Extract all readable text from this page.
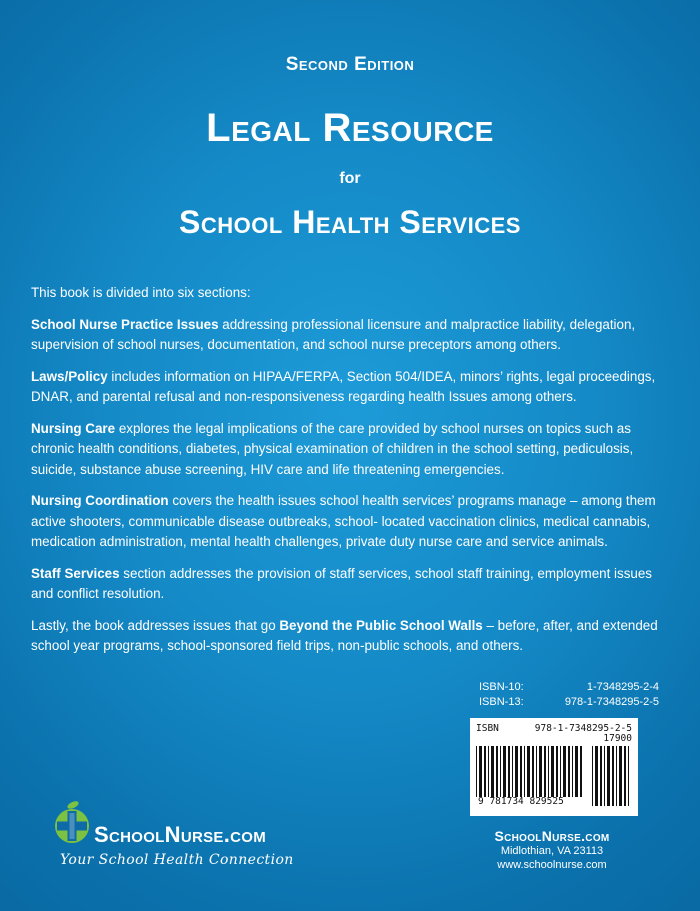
Second Edition
Legal Resource
for
School Health Services

This book is divided into six sections:

School Nurse Practice Issues addressing professional licensure and malpractice liability, delegation, supervision of school nurses, documentation, and school nurse preceptors among others.

Laws/Policy includes information on HIPAA/FERPA, Section 504/IDEA, minors’ rights, legal proceedings, DNAR, and parental refusal and non-responsiveness regarding health Issues among others.

Nursing Care explores the legal implications of the care provided by school nurses on topics such as chronic health conditions, diabetes, physical examination of children in the school setting, pediculosis, suicide, substance abuse screening, HIV care and life threatening emergencies.

Nursing Coordination covers the health issues school health services’ programs manage – among them active shooters, communicable disease outbreaks, school- located vaccination clinics, medical cannabis, medication administration, mental health challenges, private duty nurse care and service animals.

Staff Services section addresses the provision of staff services, school staff training, employment issues and conflict resolution.

Lastly, the book addresses issues that go Beyond the Public School Walls – before, after, and extended school year programs, school-sponsored field trips, non-public schools, and others.

ISBN-10:	1-7348295-2-4
ISBN-13:	978-1-7348295-2-5
ISBN	978-1-7348295-2-5
17900
9 781734 829525
SchoolNurse.com
Your School Health Connection
SchoolNurse.com
Midlothian, VA 23113
www.schoolnurse.com
